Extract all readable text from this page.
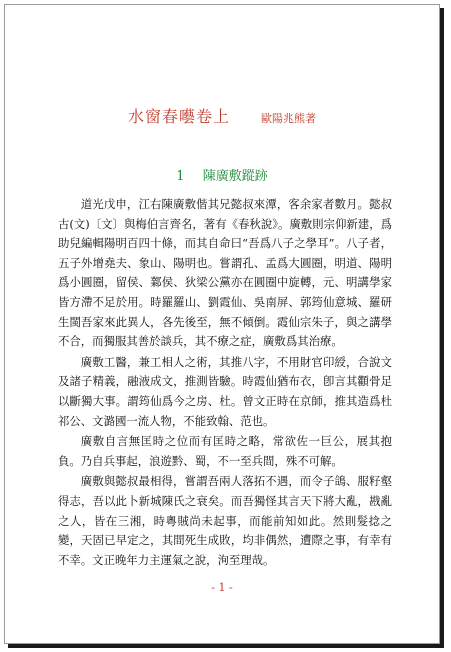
水窗春囈卷上	歐陽兆熊著
1 陳廣敷蹤跡

道光戊申，江右陳廣敷偕其兄懿叔來潭，客余家者數月。懿叔古(文)〔文〕與梅伯言齊名，著有《春秋說》。廣敷則宗仰新建，爲助兒編輯陽明百四十條，而其自命曰“吾爲八子之學耳”。八子者，五子外增堯夫、象山、陽明也。嘗謂孔、孟爲大圓圈，明道、陽明爲小圓圈，留侯、鄴侯、狄梁公黨亦在圓圈中旋轉，元、明講學家皆方滯不足於用。時羅羅山、劉霞仙、吳南屏、郭筠仙意城、羅研生閩吾家來此異人，各先後至，無不傾倒。霞仙宗朱子，與之講學不合，而獨服其善於談兵，其不療之症，廣敷爲其治療。

廣敷工醫，兼工相人之術，其推八字，不用財官印綬，合說文及諸子精義，融液成文，推測皆驗。時霞仙猶布衣，卽言其顴骨足以斷獨大事。謂筠仙爲今之房、杜。曾文正時在京師，推其造爲杜祁公、文潞國一流人物，不能致翰、范也。

廣敷自言無匡時之位而有匡時之略，常欲佐一巨公，展其抱負。乃自兵事起，浪遊黔、蜀，不一至兵間，殊不可解。

廣敷與懿叔最相得，嘗謂吾兩人落拓不遇，而令子鴿、服籽壑得志，吾以此卜新城陳氏之衰矣。而吾獨怪其言天下將大亂，戡亂之人，皆在三湘，時粵賊尚未起事，而能前知如此。然則髮捻之變，天固已早定之，其間死生成敗，均非偶然，遭際之事，有幸有不幸。文正晚年力主運氣之說，洵至理哉。

- 1 -
